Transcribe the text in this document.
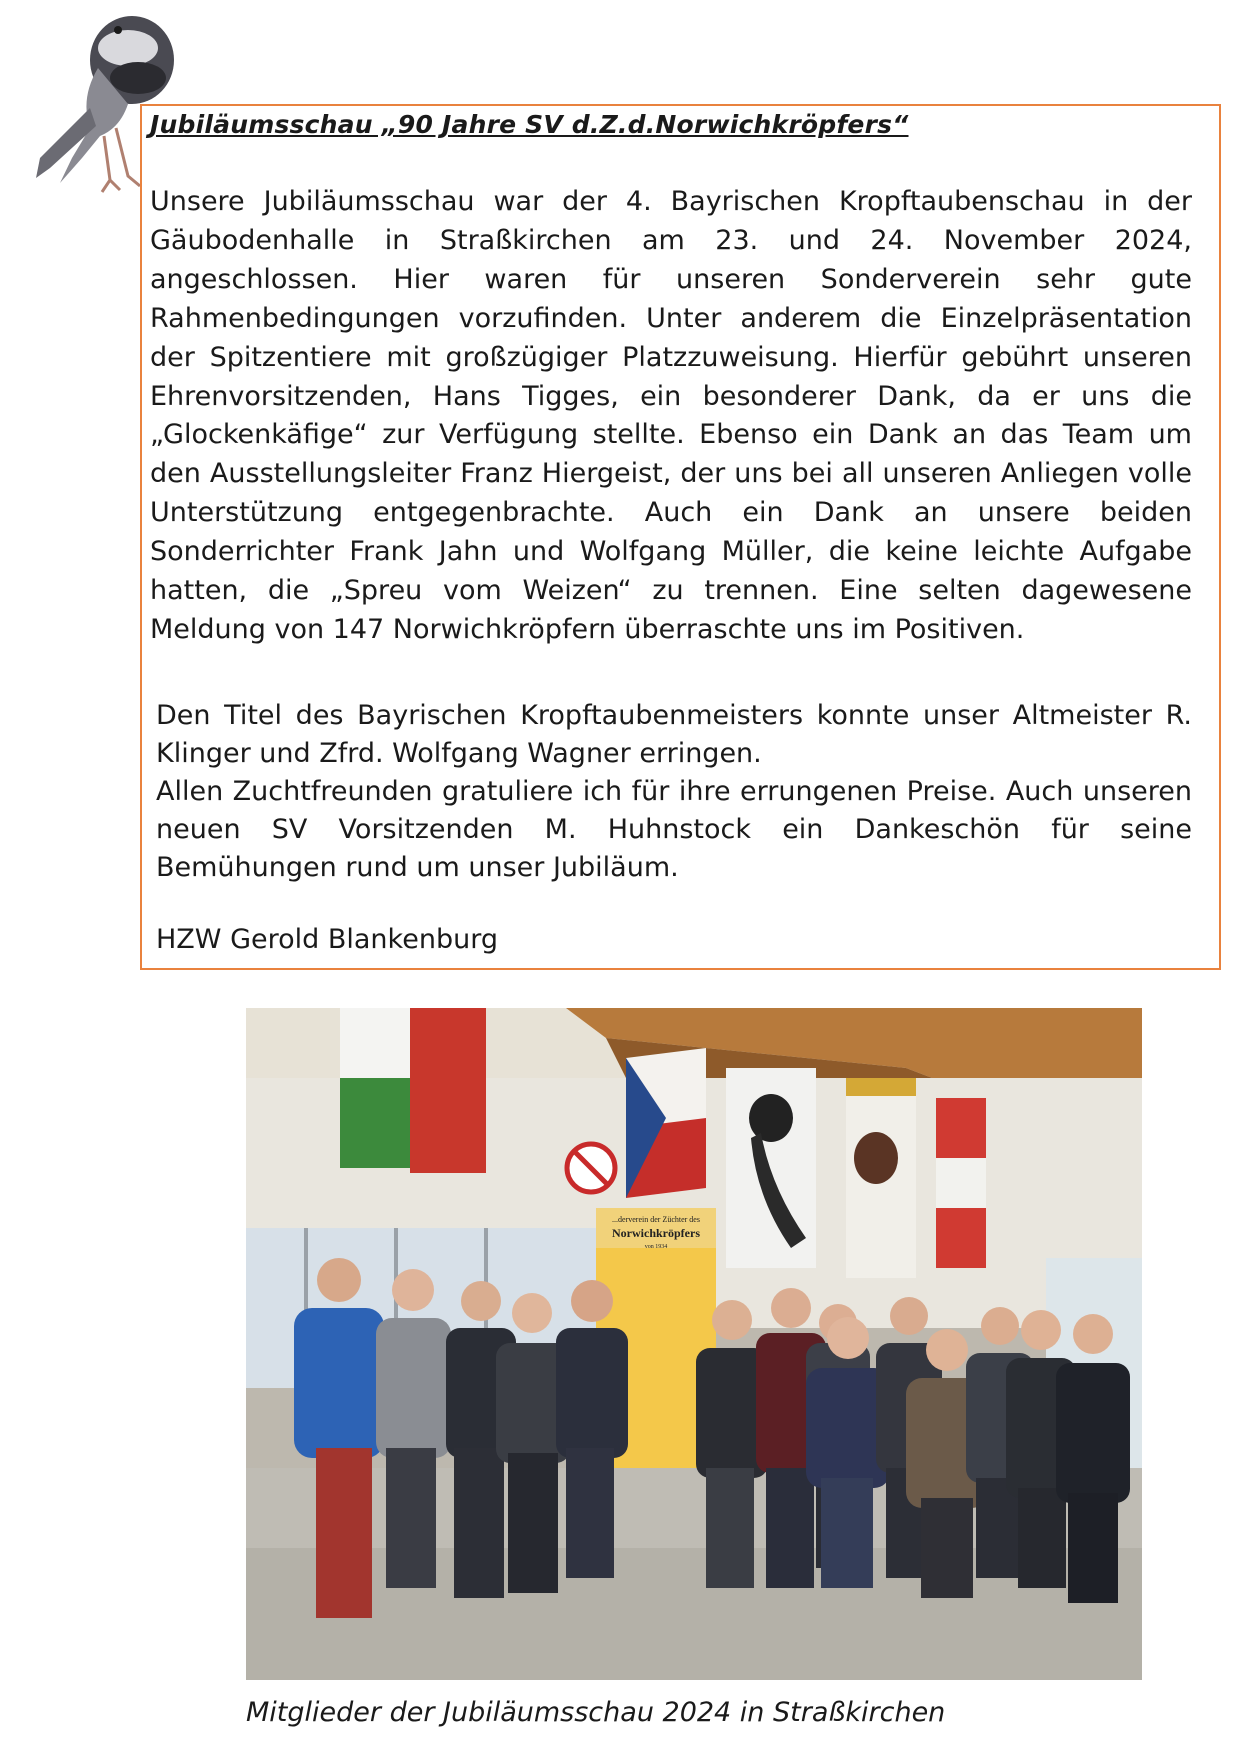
Jubiläumsschau „90 Jahre SV d.Z.d.Norwichkröpfers“

Unsere Jubiläumsschau war der 4. Bayrischen Kropftaubenschau in der Gäubodenhalle in Straßkirchen am 23. und 24. November 2024, angeschlossen. Hier waren für unseren Sonderverein sehr gute Rahmenbedingungen vorzufinden. Unter anderem die Einzelpräsentation der Spitzentiere mit großzügiger Platzzuweisung. Hierfür gebührt unseren Ehrenvorsitzenden, Hans Tigges, ein besonderer Dank, da er uns die „Glockenkäfige“ zur Verfügung stellte. Ebenso ein Dank an das Team um den Ausstellungsleiter Franz Hiergeist, der uns bei all unseren Anliegen volle Unterstützung entgegenbrachte. Auch ein Dank an unsere beiden Sonderrichter Frank Jahn und Wolfgang Müller, die keine leichte Aufgabe hatten, die „Spreu vom Weizen“ zu trennen. Eine selten dagewesene Meldung von 147 Norwichkröpfern überraschte uns im Positiven.

Den Titel des Bayrischen Kropftaubenmeisters konnte unser Altmeister R. Klinger und Zfrd. Wolfgang Wagner erringen.
Allen Zuchtfreunden gratuliere ich für ihre errungenen Preise. Auch unseren neuen SV Vorsitzenden M. Huhnstock ein Dankeschön für seine Bemühungen rund um unser Jubiläum.
HZW Gerold Blankenburg
...derverein der Züchter des
Norwichkröpfers
von 1934
Mitglieder der Jubiläumsschau 2024 in Straßkirchen
